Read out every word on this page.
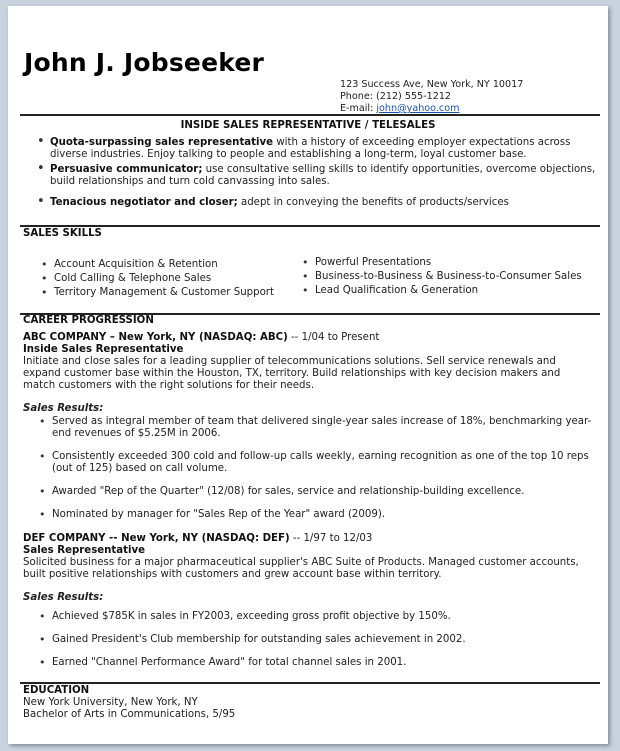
John J. Jobseeker
123 Success Ave, New York, NY 10017
Phone: (212) 555-1212
E-mail: john@yahoo.com
INSIDE SALES REPRESENTATIVE / TELESALES
• Quota-surpassing sales representative with a history of exceeding employer expectations across diverse industries. Enjoy talking to people and establishing a long-term, loyal customer base.
• Persuasive communicator; use consultative selling skills to identify opportunities, overcome objections, build relationships and turn cold canvassing into sales.
• Tenacious negotiator and closer; adept in conveying the benefits of products/services
SALES SKILLS
• Account Acquisition & Retention
• Cold Calling & Telephone Sales
• Territory Management & Customer Support
• Powerful Presentations
• Business-to-Business & Business-to-Consumer Sales
• Lead Qualification & Generation
CAREER PROGRESSION
ABC COMPANY – New York, NY (NASDAQ: ABC) -- 1/04 to Present
Inside Sales Representative
Initiate and close sales for a leading supplier of telecommunications solutions. Sell service renewals and expand customer base within the Houston, TX, territory. Build relationships with key decision makers and match customers with the right solutions for their needs.
Sales Results:
• Served as integral member of team that delivered single-year sales increase of 18%, benchmarking year-end revenues of $5.25M in 2006.
• Consistently exceeded 300 cold and follow-up calls weekly, earning recognition as one of the top 10 reps (out of 125) based on call volume.
• Awarded "Rep of the Quarter" (12/08) for sales, service and relationship-building excellence.
• Nominated by manager for "Sales Rep of the Year" award (2009).
DEF COMPANY -- New York, NY (NASDAQ: DEF) -- 1/97 to 12/03
Sales Representative
Solicited business for a major pharmaceutical supplier's ABC Suite of Products. Managed customer accounts, built positive relationships with customers and grew account base within territory.
Sales Results:
• Achieved $785K in sales in FY2003, exceeding gross profit objective by 150%.
• Gained President's Club membership for outstanding sales achievement in 2002.
• Earned "Channel Performance Award" for total channel sales in 2001.
EDUCATION
New York University, New York, NY
Bachelor of Arts in Communications, 5/95
